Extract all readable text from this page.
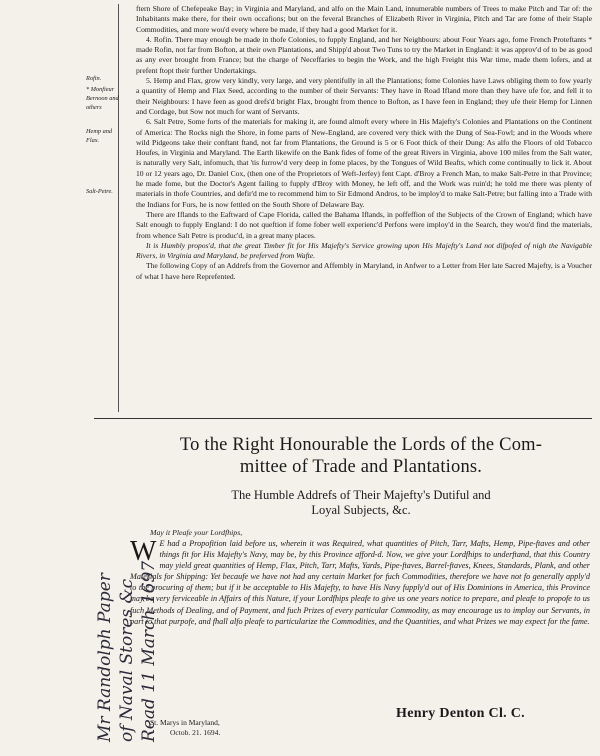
Rofin.
* Monfieur
Bernoon and
others
Hemp and
Flax.
Salt-Petre.

ftern Shore of Chefepeake Bay; in Virginia and Maryland, and alfo on the Main Land, innumerable numbers of Trees to make Pitch and Tar of: the Inhabitants make there, for their own occafions; but on the feveral Branches of Elizabeth River in Virginia, Pitch and Tar are fome of their Staple Commodities, and more wou'd every where be made, if they had a good Market for it.

4. Rofin. There may enough be made in thofe Colonies, to fupply England, and her Neighbours: about Four Years ago, fome French Proteftants * made Rofin, not far from Bofton, at their own Plantations, and Shipp'd about Two Tuns to try the Market in England: it was approv'd of to be as good as any ever brought from France; but the charge of Neceffaries to begin the Work, and the high Freight this War time, made them lofers, and at prefent ftopt their further Undertakings.

5. Hemp and Flax, grow very kindly, very large, and very plentifully in all the Plantations; fome Colonies have Laws obliging them to fow yearly a quantity of Hemp and Flax Seed, according to the number of their Servants: They have in Road Ifland more than they have ufe for, and fell it to their Neighbours: I have feen as good drefs'd bright Flax, brought from thence to Bofton, as I have feen in England; they ufe their Hemp for Linnen and Cordage, but Sow not much for want of Servants.

6. Salt Petre, Some forts of the materials for making it, are found almoft every where in His Majefty's Colonies and Plantations on the Continent of America: The Rocks nigh the Shore, in fome parts of New-England, are covered very thick with the Dung of Sea-Fowl; and in the Woods where wild Pidgeons take their conftant ftand, not far from Plantations, the Ground is 5 or 6 Foot thick of their Dung: As alfo the Floors of old Tobacco Houfes, in Virginia and Maryland. The Earth likewife on the Bank fides of fome of the great Rivers in Virginia, above 100 miles from the Salt water, is naturally very Salt, infomuch, that 'tis furrow'd very deep in fome places, by the Tongues of Wild Beafts, which come continually to lick it. About 10 or 12 years ago, Dr. Daniel Cox, (then one of the Proprietors of Weft-Jerfey) fent Capt. d'Broy a French Man, to make Salt-Petre in that Province; he made fome, but the Doctor's Agent failing to fupply d'Broy with Money, he left off, and the Work was ruin'd; he told me there was plenty of materials in thofe Countries, and defir'd me to recommend him to Sir Edmond Andros, to be imploy'd to make Salt-Petre; but falling into a Trade with the Indians for Furs, he is now fettled on the South Shore of Delaware Bay.

There are Iflands to the Eaftward of Cape Florida, called the Bahama Iflands, in poffeffion of the Subjects of the Crown of England; which have Salt enough to fupply England: I do not queftion if fome fober well experienc'd Perfons were imploy'd in the Search, they wou'd find the materials, from whence Salt Petre is produc'd, in a great many places.

It is Humbly propos'd, that the great Timber fit for His Majefty's Service growing upon His Majefty's Land not difpofed of nigh the Navigable Rivers, in Virginia and Maryland, be preferved from Wafte.

The following Copy of an Addrefs from the Governor and Affembly in Maryland, in Anfwer to a Letter from Her late Sacred Majefty, is a Voucher of what I have here Reprefented.

To the Right Honourable the Lords of the Com-
mittee of Trade and Plantations.
The Humble Addrefs of Their Majefty's Dutiful and
Loyal Subjects, &c.
May it Pleafe your Lordfhips,
W E had a Propofition laid before us, wherein it was Required, what quantities of Pitch, Tarr, Mafts, Hemp, Pipe-ftaves and other things fit for His Majefty's Navy, may be, by this Province afford-d. Now, we give your Lordfhips to underftand, that this Country may yield great quantities of Hemp, Flax, Pitch, Tarr, Mafts, Yards, Pipe-ftaves, Barrel-ftaves, Knees, Standards, Plank, and other Materials for Shipping: Yet becaufe we have not had any certain Market for fuch Commodities, therefore we have not fo generally apply'd to the procuring of them; but if it be acceptable to His Majefty, to have His Navy fupply'd out of His Dominions in America, this Province may be very ferviceable in Affairs of this Nature, if your Lordfhips pleafe to give us one years notice to prepare, and pleafe to propofe to us fuch Methods of Dealing, and of Payment, and fuch Prizes of every particular Commodity, as may encourage us to imploy our Servants, in part to that purpofe, and fhall alfo pleafe to particularize the Commodities, and the Quantities, and what Prizes we may expect for the fame.
St. Marys in Maryland,
Octob. 21. 1694.
Henry Denton Cl. C.
Mr Randolph Paper of Naval Stores &c Read 11 March 1697
